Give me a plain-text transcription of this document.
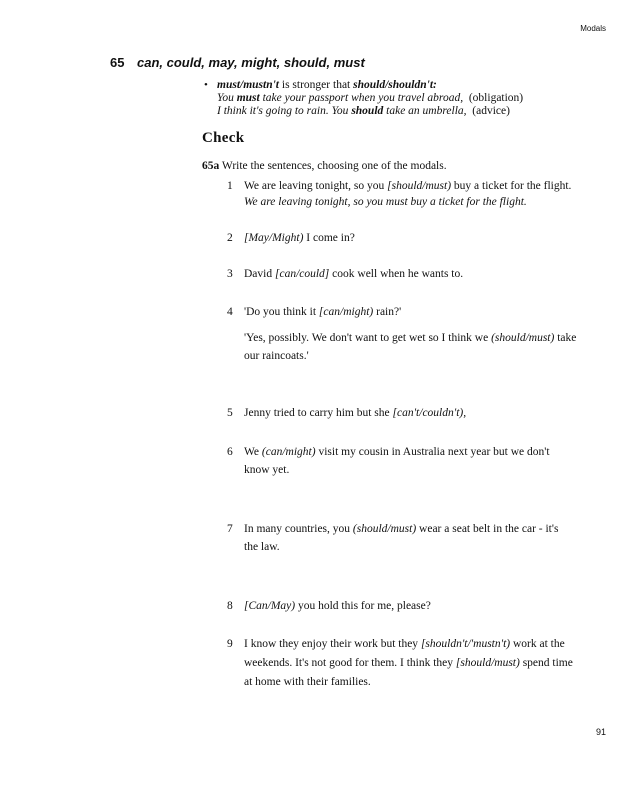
Modals
65 can, could, may, might, should, must
• must/mustn't is stronger that should/shouldn't:
You must take your passport when you travel abroad, (obligation)
I think it's going to rain. You should take an umbrella, (advice)
Check
65a Write the sentences, choosing one of the modals.
1 We are leaving tonight, so you [should/must) buy a ticket for the flight.
We are leaving tonight, so you must buy a ticket for the flight.
2 [May/Might) I come in?
3 David [can/could] cook well when he wants to.
4 'Do you think it [can/might) rain?'
'Yes, possibly. We don't want to get wet so I think we (should/must) take
our raincoats.'
5 Jenny tried to carry him but she [can't/couldn't),
6 We (can/might) visit my cousin in Australia next year but we don't
know yet.
7 In many countries, you (should/must) wear a seat belt in the car - it's
the law.
8 [Can/May) you hold this for me, please?
9 I know they enjoy their work but they [shouldn't/'mustn't) work at the
weekends. It's not good for them. I think they [should/must) spend time
at home with their families.
91
